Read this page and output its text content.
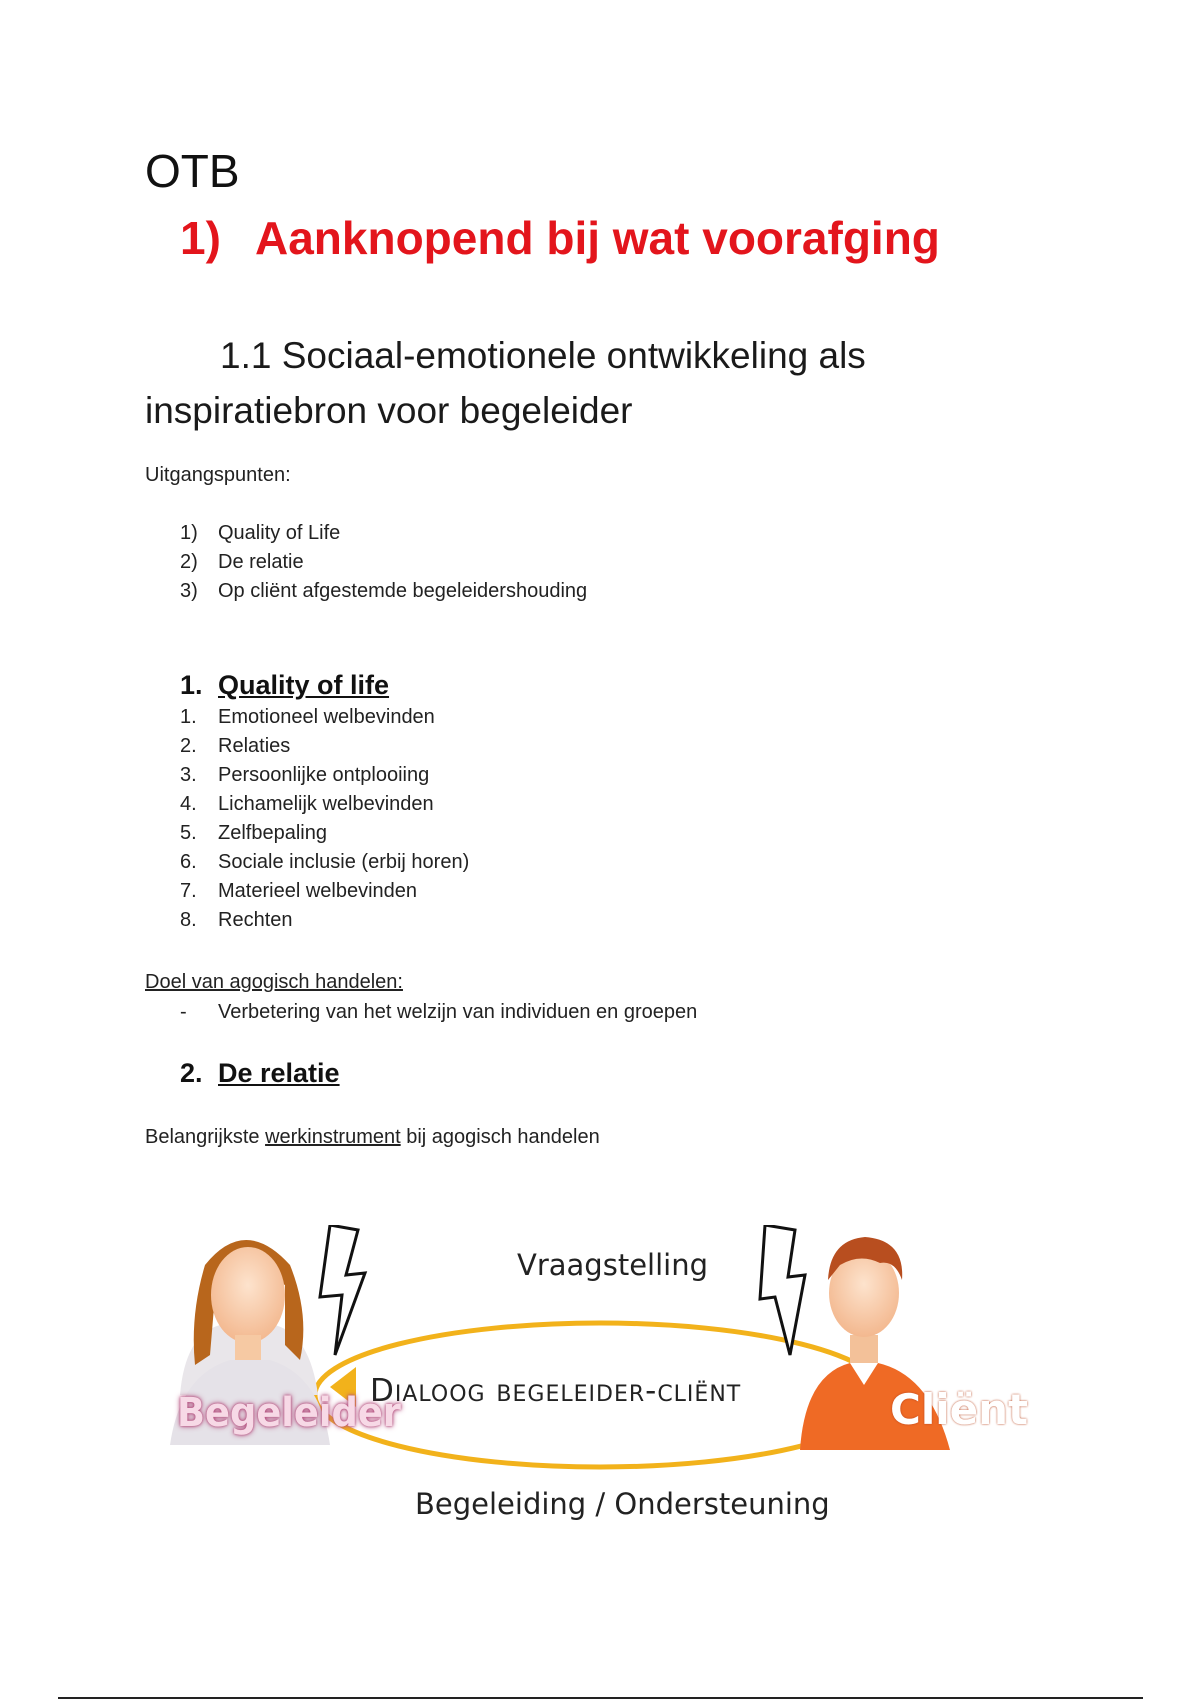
OTB
1) Aanknopend bij wat voorafging
1.1 Sociaal-emotionele ontwikkeling als inspiratiebron voor begeleider
Uitgangspunten:
1)	Quality of Life
2)	De relatie
3)	Op cliënt afgestemde begeleidershouding
1. Quality of life
1.	Emotioneel welbevinden
2.	Relaties
3.	Persoonlijke ontplooiing
4.	Lichamelijk welbevinden
5.	Zelfbepaling
6.	Sociale inclusie (erbij horen)
7.	Materieel welbevinden
8.	Rechten
Doel van agogisch handelen:
-	Verbetering van het welzijn van individuen en groepen
2. De relatie
Belangrijkste werkinstrument bij agogisch handelen
Vraagstelling
Dialoog begeleider-cliënt
Begeleiding / Ondersteuning
Begeleider	Cliënt
